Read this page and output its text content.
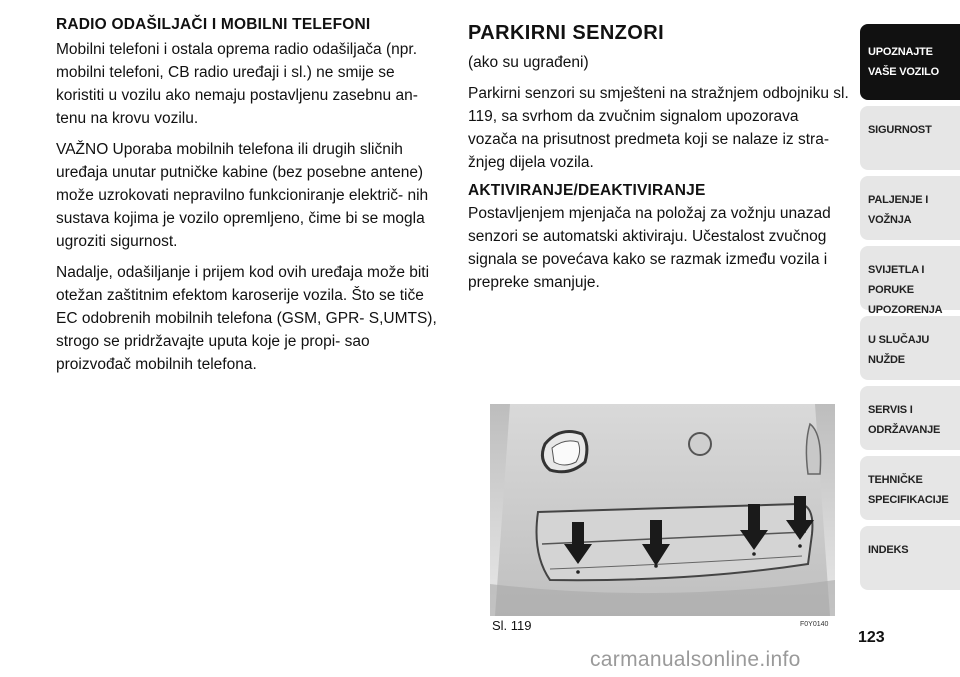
RADIO ODAŠILJAČI I MOBILNI TELEFONI

Mobilni telefoni i ostala oprema radio odašiljača (npr. mobilni telefoni, CB radio uređaji i sl.) ne smije se koristiti u vozilu ako nemaju postavljenu zasebnu an- tenu na krovu vozilu.

VAŽNO Uporaba mobilnih telefona ili drugih sličnih uređaja unutar putničke kabine (bez posebne antene) može uzrokovati nepravilno funkcioniranje električ- nih sustava kojima je vozilo opremljeno, čime bi se mogla ugroziti sigurnost.

Nadalje, odašiljanje i prijem kod ovih uređaja može biti otežan zaštitnim efektom karoserije vozila. Što se tiče EC odobrenih mobilnih telefona (GSM, GPR- S,UMTS), strogo se pridržavajte uputa koje je propi- sao proizvođač mobilnih telefona.

PARKIRNI SENZORI

(ako su ugrađeni)

Parkirni senzori su smješteni na stražnjem odbojniku sl. 119, sa svrhom da zvučnim signalom upozorava vozača na prisutnost predmeta koji se nalaze iz stra- žnjeg dijela vozila.

AKTIVIRANJE/DEAKTIVIRANJE

Postavljenjem mjenjača na položaj za vožnju unazad senzori se automatski aktiviraju. Učestalost zvučnog signala se povećava kako se razmak između vozila i prepreke smanjuje.

Sl. 119	F0Y0140
UPOZNAJTE
VAŠE VOZILO
SIGURNOST
PALJENJE I
VOŽNJA
SVIJETLA I PORUKE
UPOZORENJA
U SLUČAJU
NUŽDE
SERVIS I
ODRŽAVANJE
TEHNIČKE
SPECIFIKACIJE
INDEKS
123
carmanualsonline.info
